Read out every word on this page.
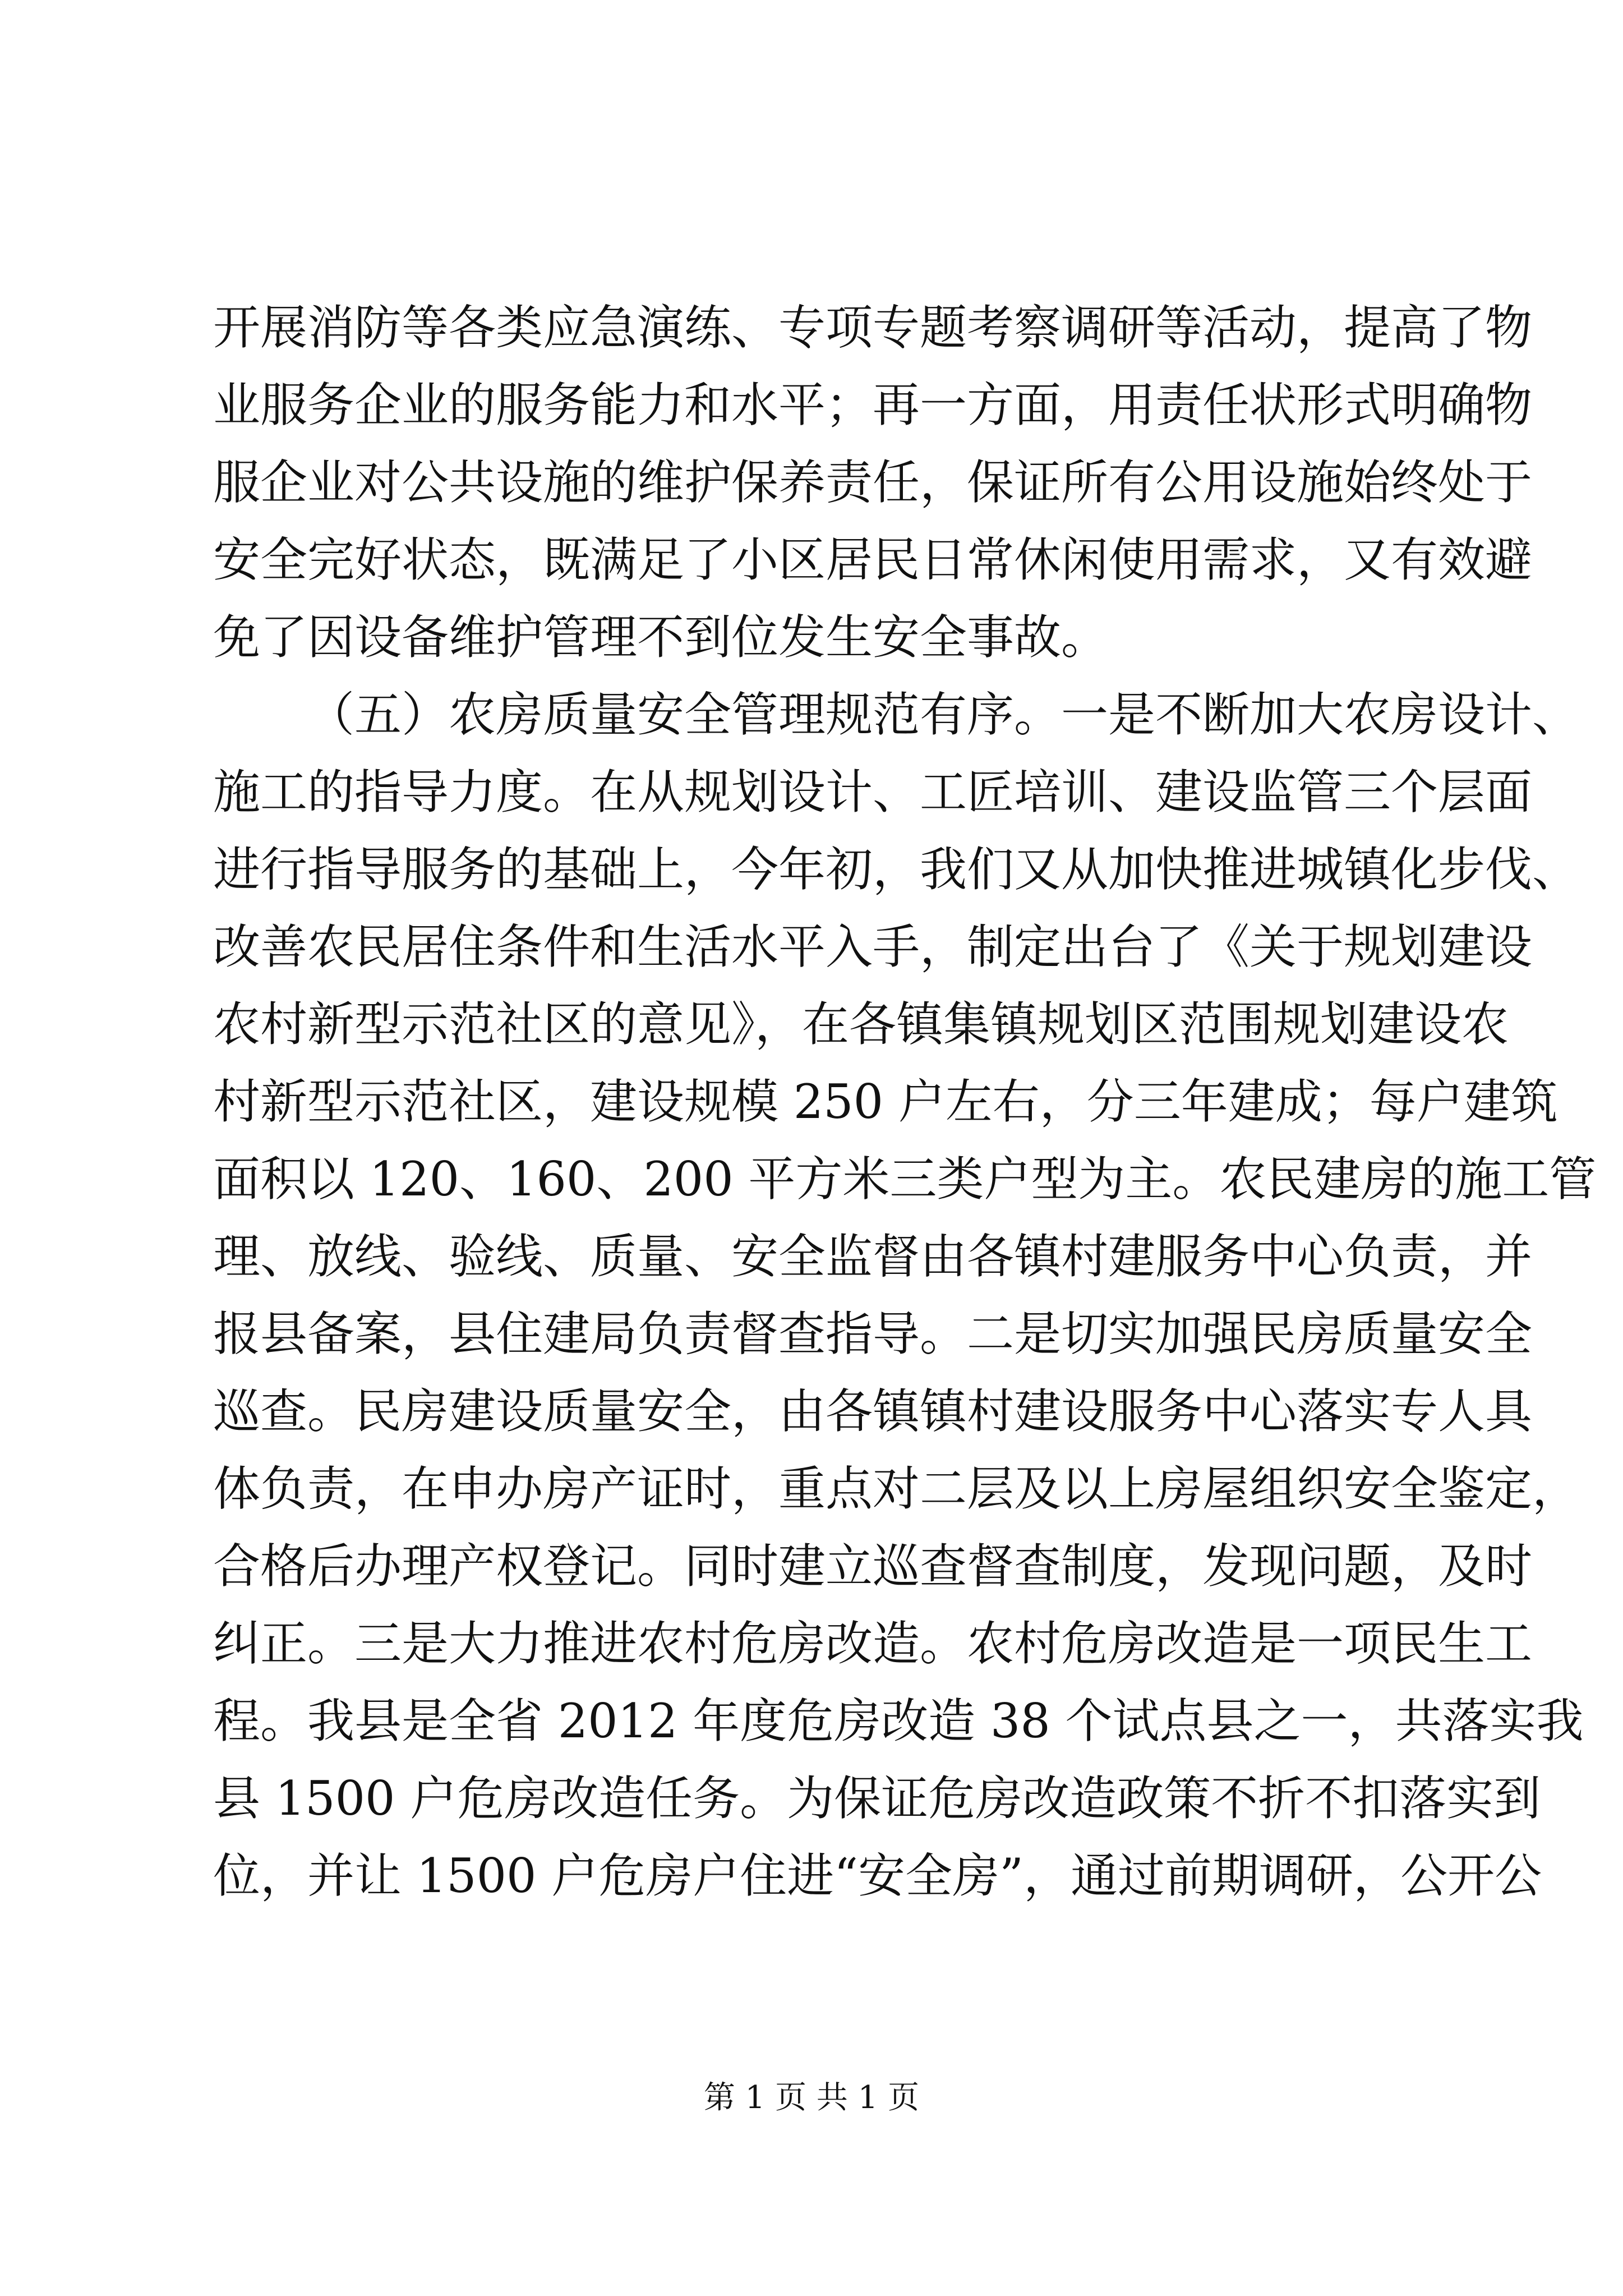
开展消防等各类应急演练、专项专题考察调研等活动，提高了物
业服务企业的服务能力和水平；再一方面，用责任状形式明确物
服企业对公共设施的维护保养责任，保证所有公用设施始终处于
安全完好状态，既满足了小区居民日常休闲使用需求，又有效避
免了因设备维护管理不到位发生安全事故。
（五）农房质量安全管理规范有序。一是不断加大农房设计、
施工的指导力度。在从规划设计、工匠培训、建设监管三个层面
进行指导服务的基础上，今年初，我们又从加快推进城镇化步伐、
改善农民居住条件和生活水平入手，制定出台了《关于规划建设
农村新型示范社区的意见》，在各镇集镇规划区范围规划建设农
村新型示范社区，建设规模 250 户左右，分三年建成；每户建筑
面积以 120、160、200 平方米三类户型为主。农民建房的施工管
理、放线、验线、质量、安全监督由各镇村建服务中心负责，并
报县备案，县住建局负责督查指导。二是切实加强民房质量安全
巡查。民房建设质量安全，由各镇镇村建设服务中心落实专人具
体负责，在申办房产证时，重点对二层及以上房屋组织安全鉴定，
合格后办理产权登记。同时建立巡查督查制度，发现问题，及时
纠正。三是大力推进农村危房改造。农村危房改造是一项民生工
程。我县是全省 2012 年度危房改造 38 个试点县之一，共落实我
县 1500 户危房改造任务。为保证危房改造政策不折不扣落实到
位，并让 1500 户危房户住进“安全房”，通过前期调研，公开公
第 1 页 共 1 页
